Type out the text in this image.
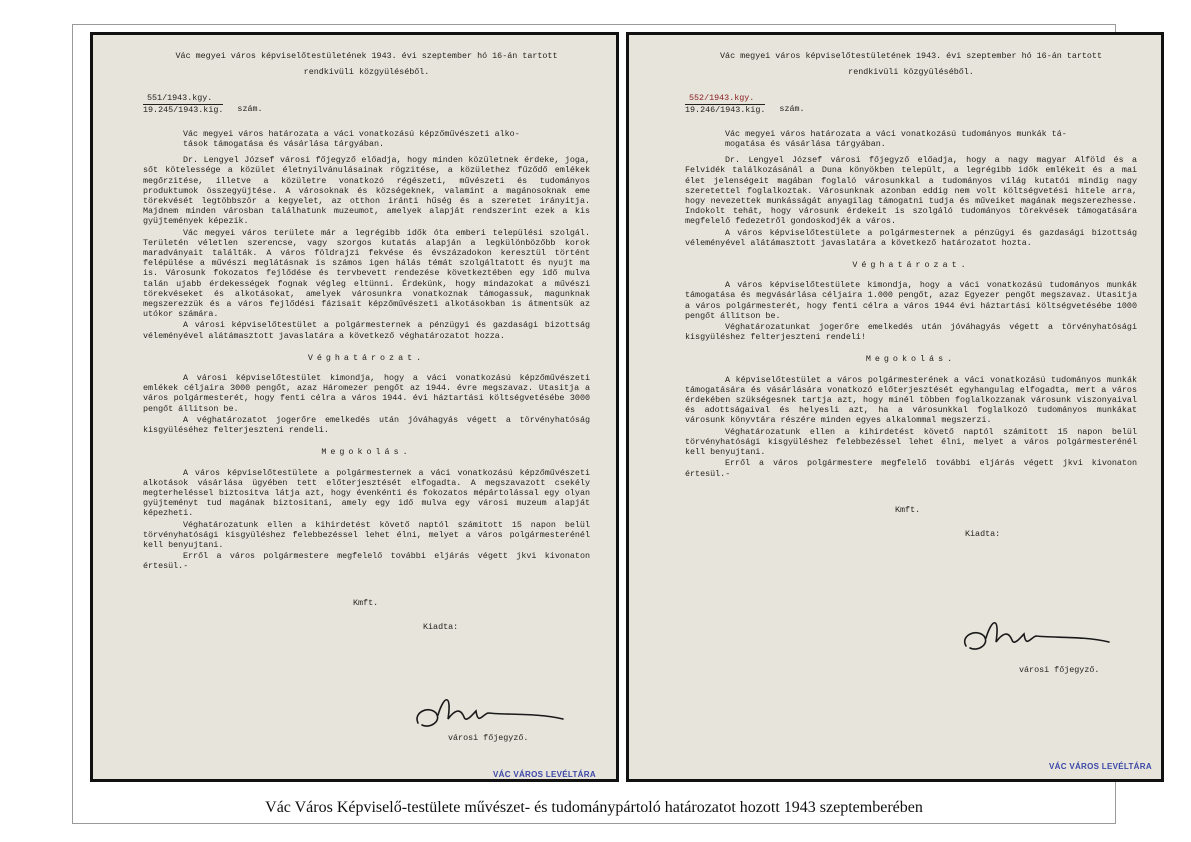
Vác megyei város képviselőtestületének 1943. évi szeptember hó 16-án tartott
rendkivüli közgyüléséből.
551/1943.kgy.
19.245/1943.kig. szám.
Vác megyei város határozata a váci vonatkozású képzőművészeti alko-
tások támogatása és vásárlása tárgyában.

Dr. Lengyel József városi főjegyző előadja, hogy minden közületnek érdeke, joga, sőt kötelessége a közület életnyilvánulásainak rögzitése, a közülethez fűződő emlékek megőrzitése, illetve a közületre vonatkozó régészeti, művészeti és tudományos produktumok összegyüjtése. A városoknak és községeknek, valamint a magánosoknak eme törekvését legtöbbször a kegyelet, az otthon iránti hűség és a szeretet irányitja. Majdnem minden városban találhatunk muzeumot, amelyek alapját rendszerint ezek a kis gyüjtemények képezik.

Vác megyei város területe már a legrégibb idők óta emberi települési szolgál. Területén véletlen szerencse, vagy szorgos kutatás alapján a legkülönbözőbb korok maradványait találták. A város földrajzi fekvése és évszázadokon keresztül történt felépülése a művészi meglátásnak is számos igen hálás témát szolgáltatott és nyujt ma is. Városunk fokozatos fejlődése és tervbevett rendezése következtében egy idő mulva talán ujabb érdekességek fognak végleg eltünni. Érdekünk, hogy mindazokat a művészi törekvéseket és alkotásokat, amelyek városunkra vonatkoznak támogassuk, magunknak megszerezzük és a város fejlődési fázisait képzőművészeti alkotásokban is átmentsük az utókor számára.

A városi képviselőtestület a polgármesternek a pénzügyi és gazdasági bizottság véleményével alátámasztott javaslatára a következő véghatározatot hozza.

Véghatározat.

A városi képviselőtestület kimondja, hogy a váci vonatkozású képzőművészeti emlékek céljaira 3000 pengőt, azaz Háromezer pengőt az 1944. évre megszavaz. Utasitja a város polgármesterét, hogy fenti célra a város 1944. évi háztartási költségvetésébe 3000 pengőt állitson be.

A véghatározatot jogerőre emelkedés után jóváhagyás végett a törvényhatóság kisgyüléséhez felterjeszteni rendeli.

Megokolás.

A város képviselőtestülete a polgármesternek a váci vonatkozású képzőművészeti alkotások vásárlása ügyében tett előterjesztését elfogadta. A megszavazott csekély megterheléssel biztositva látja azt, hogy évenkénti és fokozatos mépártolással egy olyan gyüjteményt tud magának biztositani, amely egy idő mulva egy városi muzeum alapját képezheti.

Véghatározatunk ellen a kihirdetést követő naptól számitott 15 napon belül törvényhatósági kisgyüléshez felebbezéssel lehet élni, melyet a város polgármesterénél kell benyujtani.

Erről a város polgármestere megfelelő további eljárás végett jkvi kivonaton értesül.-

Kmft.
Kiadta:
városi főjegyző.
VÁC VÁROS LEVÉLTÁRA
Vác megyei város képviselőtestületének 1943. évi szeptember hó 16-án tartott
rendkivüli közgyüléséből.
552/1943.kgy.
19.246/1943.kig. szám.
Vác megyei város határozata a váci vonatkozású tudományos munkák tá-
mogatása és vásárlása tárgyában.

Dr. Lengyel József városi főjegyző előadja, hogy a nagy magyar Alföld és a Felvidék találkozásánál a Duna könyökben települt, a legrégibb idők emlékeit és a mai élet jelenségeit magában foglaló városunkkal a tudományos világ kutatói mindig nagy szeretettel foglalkoztak. Városunknak azonban eddig nem volt költségvetési hitele arra, hogy nevezettek munkásságát anyagilag támogatni tudja és műveiket magának megszerezhesse. Indokolt tehát, hogy városunk érdekeit is szolgáló tudományos törekvések támogatására megfelelő fedezetről gondoskodjék a város.

A város képviselőtestülete a polgármesternek a pénzügyi és gazdasági bizottság véleményével alátámasztott javaslatára a következő határozatot hozta.

Véghatározat.

A város képviselőtestülete kimondja, hogy a váci vonatkozású tudományos munkák támogatása és megvásárlása céljaira 1.000 pengőt, azaz Egyezer pengőt megszavaz. Utasitja a város polgármesterét, hogy fenti célra a város 1944 évi háztartási költségvetésébe 1000 pengőt állitson be.

Véghatározatunkat jogerőre emelkedés után jóváhagyás végett a törvényhatósági kisgyüléshez felterjeszteni rendeli!

Megokolás.

A képviselőtestület a város polgármesterének a váci vonatkozású tudományos munkák támogatására és vásárlására vonatkozó előterjesztését egyhangulag elfogadta, mert a város érdekében szükségesnek tartja azt, hogy minél többen foglalkozzanak városunk viszonyaival és adottságaival és helyesli azt, ha a városunkkal foglalkozó tudományos munkákat városunk könyvtára részére minden egyes alkalommal megszerzi.

Véghatározatunk ellen a kihirdetést követő naptól számitott 15 napon belül törvényhatósági kisgyüléshez felebbezéssel lehet élni, melyet a város polgármesterénél kell benyujtani.

Erről a város polgármestere megfelelő további eljárás végett jkvi kivonaton értesül.-

Kmft.
Kiadta:
városi főjegyző.
VÁC VÁROS LEVÉLTÁRA
Vác Város Képviselő-testülete művészet- és tudománypártoló határozatot hozott 1943 szeptemberében
